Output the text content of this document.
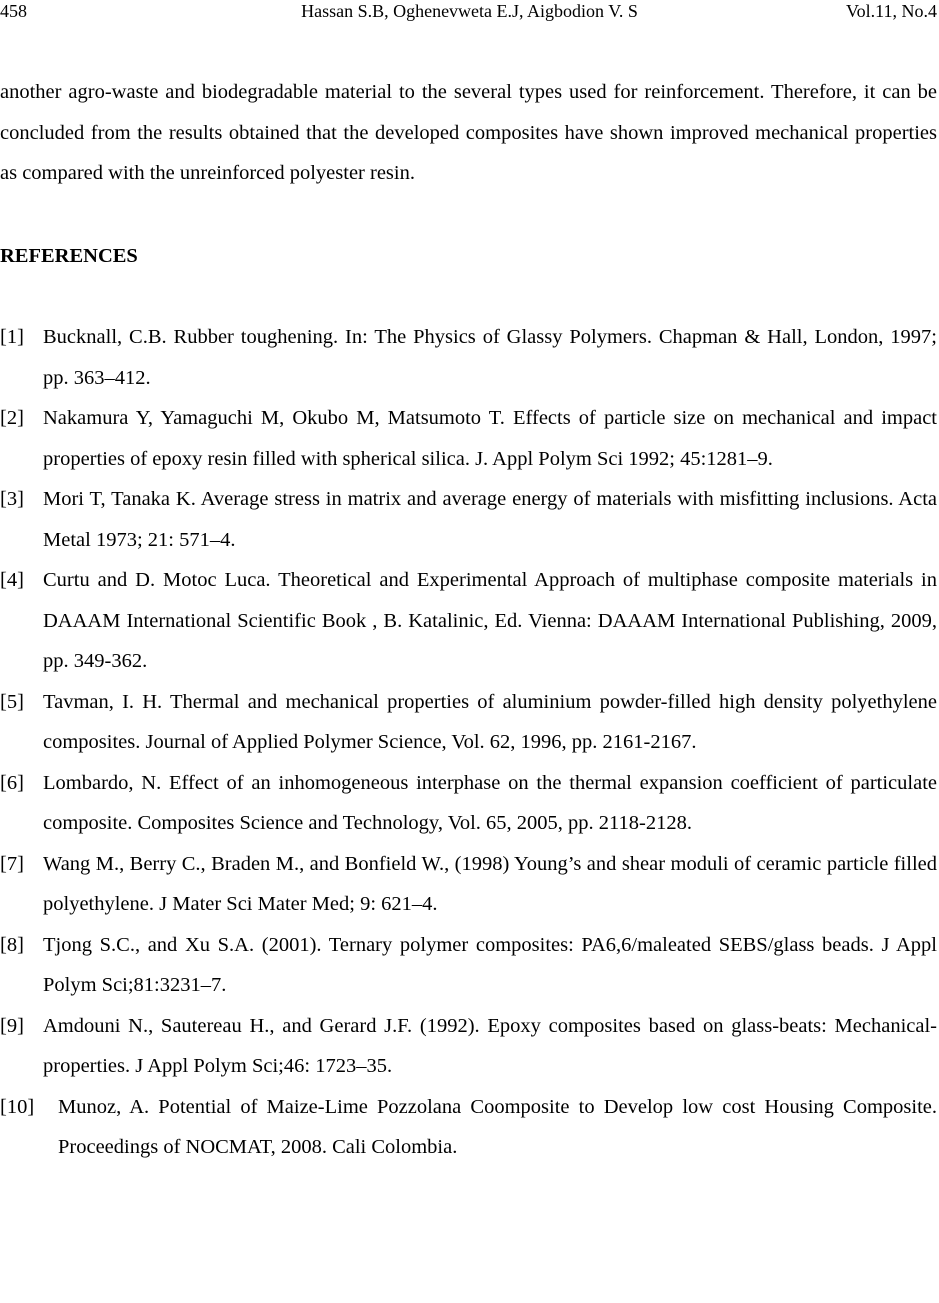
Hassan S.B, Oghenevweta E.J, Aigbodion V. S
458	Vol.11, No.4

another agro-waste and biodegradable material to the several types used for reinforcement. Therefore, it can be concluded from the results obtained that the developed composites have shown improved mechanical properties as compared with the unreinforced polyester resin.

REFERENCES
[1] Bucknall, C.B. Rubber toughening. In: The Physics of Glassy Polymers. Chapman & Hall, London, 1997; pp. 363–412.
[2] Nakamura Y, Yamaguchi M, Okubo M, Matsumoto T. Effects of particle size on mechanical and impact properties of epoxy resin filled with spherical silica. J. Appl Polym Sci 1992; 45:1281–9.
[3] Mori T, Tanaka K. Average stress in matrix and average energy of materials with misfitting inclusions. Acta Metal 1973; 21: 571–4.
[4] Curtu and D. Motoc Luca. Theoretical and Experimental Approach of multiphase composite materials in DAAAM International Scientific Book , B. Katalinic, Ed. Vienna: DAAAM International Publishing, 2009, pp. 349-362.
[5] Tavman, I. H. Thermal and mechanical properties of aluminium powder-filled high density polyethylene composites. Journal of Applied Polymer Science, Vol. 62, 1996, pp. 2161-2167.
[6] Lombardo, N. Effect of an inhomogeneous interphase on the thermal expansion coefficient of particulate composite. Composites Science and Technology, Vol. 65, 2005, pp. 2118-2128.
[7] Wang M., Berry C., Braden M., and Bonfield W., (1998) Young’s and shear moduli of ceramic particle filled polyethylene. J Mater Sci Mater Med; 9: 621–4.
[8] Tjong S.C., and Xu S.A. (2001). Ternary polymer composites: PA6,6/maleated SEBS/glass beads. J Appl Polym Sci;81:3231–7.
[9] Amdouni N., Sautereau H., and Gerard J.F. (1992). Epoxy composites based on glass-beats: Mechanical-properties. J Appl Polym Sci;46: 1723–35.
[10] Munoz, A. Potential of Maize-Lime Pozzolana Coomposite to Develop low cost Housing Composite. Proceedings of NOCMAT, 2008. Cali Colombia.
